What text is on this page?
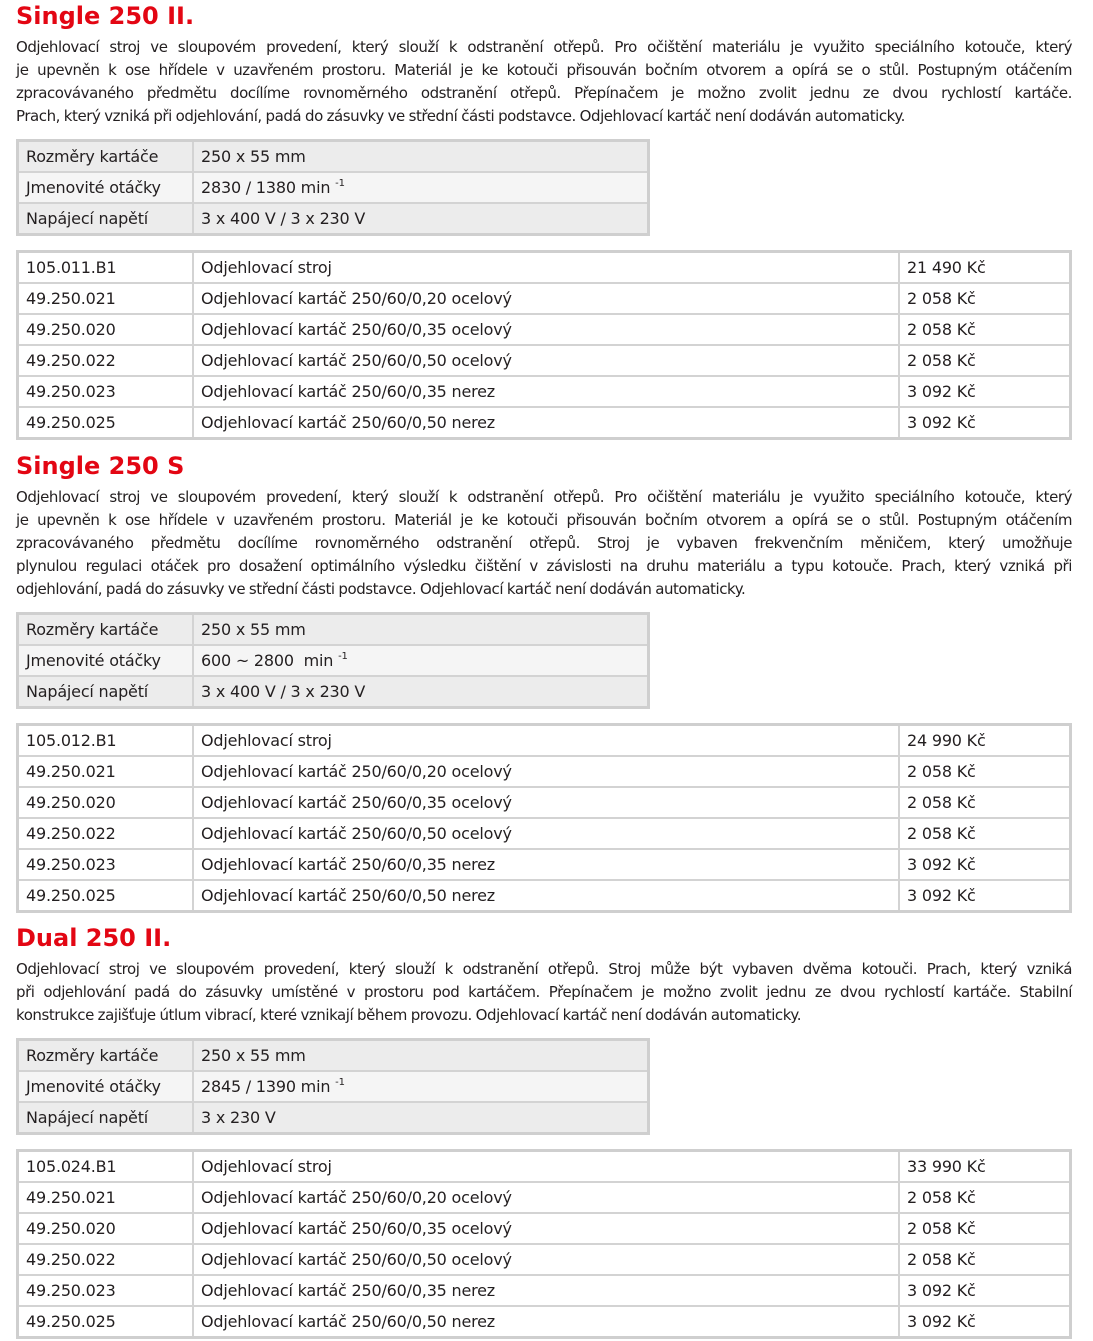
Single 250 II.

Odjehlovací stroj ve sloupovém provedení, který slouží k odstranění otřepů. Pro očištění materiálu je využito speciálního kotouče, který
je upevněn k ose hřídele v uzavřeném prostoru. Materiál je ke kotouči přisouván bočním otvorem a opírá se o stůl. Postupným otáčením
zpracovávaného předmětu docílíme rovnoměrného odstranění otřepů. Přepínačem je možno zvolit jednu ze dvou rychlostí kartáče.
Prach, který vzniká při odjehlování, padá do zásuvky ve střední části podstavce. Odjehlovací kartáč není dodáván automaticky.

Rozměry kartáče	250 x 55 mm
Jmenovité otáčky	2830 / 1380 min $^{-1}$
Napájecí napětí	3 x 400 V / 3 x 230 V
105.011.B1	Odjehlovací stroj	21 490 Kč
49.250.021	Odjehlovací kartáč 250/60/0,20 ocelový	2 058 Kč
49.250.020	Odjehlovací kartáč 250/60/0,35 ocelový	2 058 Kč
49.250.022	Odjehlovací kartáč 250/60/0,50 ocelový	2 058 Kč
49.250.023	Odjehlovací kartáč 250/60/0,35 nerez	3 092 Kč
49.250.025	Odjehlovací kartáč 250/60/0,50 nerez	3 092 Kč
Single 250 S

Odjehlovací stroj ve sloupovém provedení, který slouží k odstranění otřepů. Pro očištění materiálu je využito speciálního kotouče, který
je upevněn k ose hřídele v uzavřeném prostoru. Materiál je ke kotouči přisouván bočním otvorem a opírá se o stůl. Postupným otáčením
zpracovávaného předmětu docílíme rovnoměrného odstranění otřepů. Stroj je vybaven frekvenčním měničem, který umožňuje
plynulou regulaci otáček pro dosažení optimálního výsledku čištění v závislosti na druhu materiálu a typu kotouče. Prach, který vzniká při
odjehlování, padá do zásuvky ve střední části podstavce. Odjehlovací kartáč není dodáván automaticky.

Rozměry kartáče	250 x 55 mm
Jmenovité otáčky	600 ~ 2800  min $^{-1}$
Napájecí napětí	3 x 400 V / 3 x 230 V
105.012.B1	Odjehlovací stroj	24 990 Kč
49.250.021	Odjehlovací kartáč 250/60/0,20 ocelový	2 058 Kč
49.250.020	Odjehlovací kartáč 250/60/0,35 ocelový	2 058 Kč
49.250.022	Odjehlovací kartáč 250/60/0,50 ocelový	2 058 Kč
49.250.023	Odjehlovací kartáč 250/60/0,35 nerez	3 092 Kč
49.250.025	Odjehlovací kartáč 250/60/0,50 nerez	3 092 Kč
Dual 250 II.

Odjehlovací stroj ve sloupovém provedení, který slouží k odstranění otřepů. Stroj může být vybaven dvěma kotouči. Prach, který vzniká
při odjehlování padá do zásuvky umístěné v prostoru pod kartáčem. Přepínačem je možno zvolit jednu ze dvou rychlostí kartáče. Stabilní
konstrukce zajišťuje útlum vibrací, které vznikají během provozu. Odjehlovací kartáč není dodáván automaticky.

Rozměry kartáče	250 x 55 mm
Jmenovité otáčky	2845 / 1390 min $^{-1}$
Napájecí napětí	3 x 230 V
105.024.B1	Odjehlovací stroj	33 990 Kč
49.250.021	Odjehlovací kartáč 250/60/0,20 ocelový	2 058 Kč
49.250.020	Odjehlovací kartáč 250/60/0,35 ocelový	2 058 Kč
49.250.022	Odjehlovací kartáč 250/60/0,50 ocelový	2 058 Kč
49.250.023	Odjehlovací kartáč 250/60/0,35 nerez	3 092 Kč
49.250.025	Odjehlovací kartáč 250/60/0,50 nerez	3 092 Kč
